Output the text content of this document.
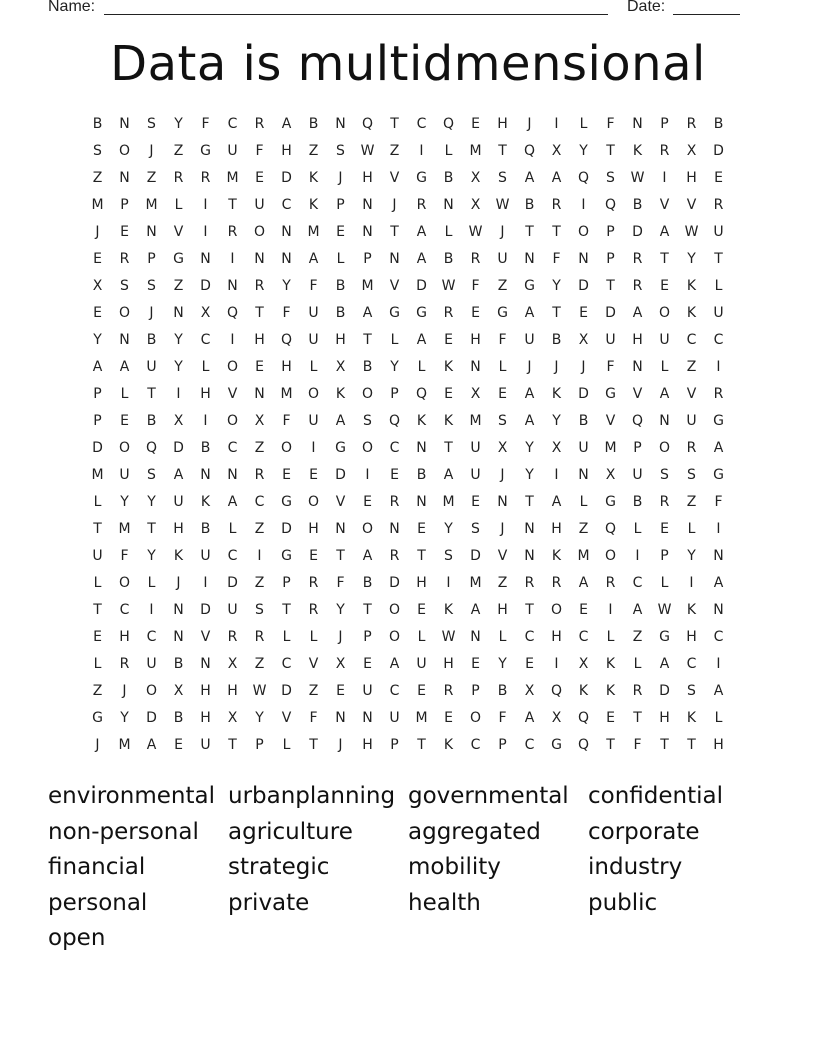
Name:	Date:
Data is multidmensional
B	N	S	Y	F	C	R	A	B	N	Q	T	C	Q	E	H	J	I	L	F	N	P	R	B
S	O	J	Z	G	U	F	H	Z	S	W	Z	I	L	M	T	Q	X	Y	T	K	R	X	D
Z	N	Z	R	R	M	E	D	K	J	H	V	G	B	X	S	A	A	Q	S	W	I	H	E
M	P	M	L	I	T	U	C	K	P	N	J	R	N	X	W	B	R	I	Q	B	V	V	R
J	E	N	V	I	R	O	N	M	E	N	T	A	L	W	J	T	T	O	P	D	A	W	U
E	R	P	G	N	I	N	N	A	L	P	N	A	B	R	U	N	F	N	P	R	T	Y	T
X	S	S	Z	D	N	R	Y	F	B	M	V	D	W	F	Z	G	Y	D	T	R	E	K	L
E	O	J	N	X	Q	T	F	U	B	A	G	G	R	E	G	A	T	E	D	A	O	K	U
Y	N	B	Y	C	I	H	Q	U	H	T	L	A	E	H	F	U	B	X	U	H	U	C	C
A	A	U	Y	L	O	E	H	L	X	B	Y	L	K	N	L	J	J	J	F	N	L	Z	I
P	L	T	I	H	V	N	M	O	K	O	P	Q	E	X	E	A	K	D	G	V	A	V	R
P	E	B	X	I	O	X	F	U	A	S	Q	K	K	M	S	A	Y	B	V	Q	N	U	G
D	O	Q	D	B	C	Z	O	I	G	O	C	N	T	U	X	Y	X	U	M	P	O	R	A
M	U	S	A	N	N	R	E	E	D	I	E	B	A	U	J	Y	I	N	X	U	S	S	G
L	Y	Y	U	K	A	C	G	O	V	E	R	N	M	E	N	T	A	L	G	B	R	Z	F
T	M	T	H	B	L	Z	D	H	N	O	N	E	Y	S	J	N	H	Z	Q	L	E	L	I
U	F	Y	K	U	C	I	G	E	T	A	R	T	S	D	V	N	K	M	O	I	P	Y	N
L	O	L	J	I	D	Z	P	R	F	B	D	H	I	M	Z	R	R	A	R	C	L	I	A
T	C	I	N	D	U	S	T	R	Y	T	O	E	K	A	H	T	O	E	I	A	W	K	N
E	H	C	N	V	R	R	L	L	J	P	O	L	W	N	L	C	H	C	L	Z	G	H	C
L	R	U	B	N	X	Z	C	V	X	E	A	U	H	E	Y	E	I	X	K	L	A	C	I
Z	J	O	X	H	H	W	D	Z	E	U	C	E	R	P	B	X	Q	K	K	R	D	S	A
G	Y	D	B	H	X	Y	V	F	N	N	U	M	E	O	F	A	X	Q	E	T	H	K	L
J	M	A	E	U	T	P	L	T	J	H	P	T	K	C	P	C	G	Q	T	F	T	T	H
environmental urbanplanning governmental confidential
non-personal	agriculture	aggregated	corporate
financial	strategic	mobility	industry
personal	private	health	public
open
